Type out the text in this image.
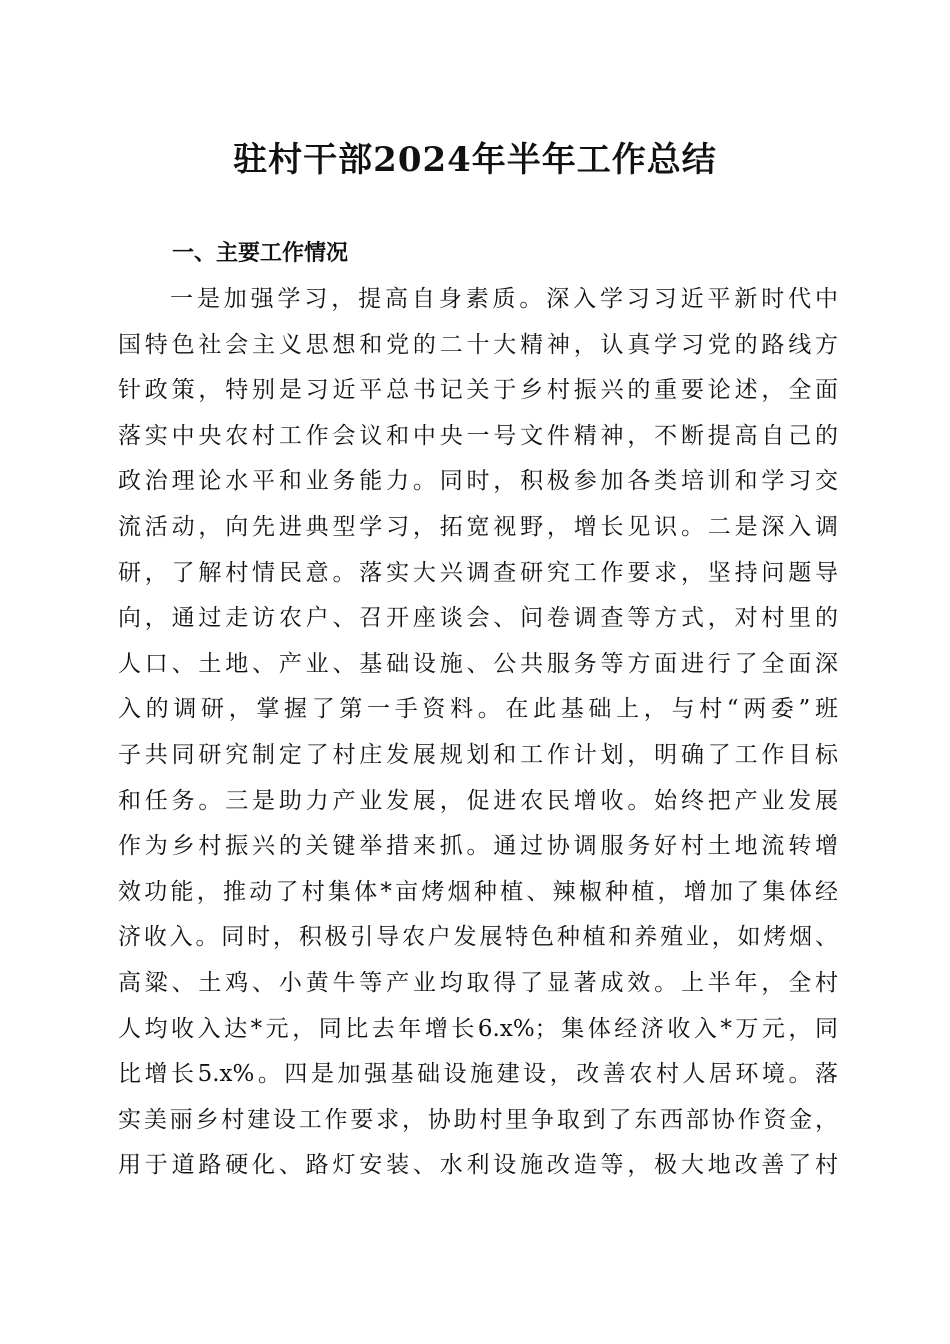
驻村干部2024年半年工作总结
一、主要工作情况
一是加强学习，提高自身素质。深入学习习近平新时代中
国特色社会主义思想和党的二十大精神，认真学习党的路线方
针政策，特别是习近平总书记关于乡村振兴的重要论述，全面
落实中央农村工作会议和中央一号文件精神，不断提高自己的
政治理论水平和业务能力。同时，积极参加各类培训和学习交
流活动，向先进典型学习，拓宽视野，增长见识。二是深入调
研，了解村情民意。落实大兴调查研究工作要求，坚持问题导
向，通过走访农户、召开座谈会、问卷调查等方式，对村里的
人口、土地、产业、基础设施、公共服务等方面进行了全面深
入的调研，掌握了第一手资料。在此基础上，与村“两委”班
子共同研究制定了村庄发展规划和工作计划，明确了工作目标
和任务。三是助力产业发展，促进农民增收。始终把产业发展
作为乡村振兴的关键举措来抓。通过协调服务好村土地流转增
效功能，推动了村集体*亩烤烟种植、辣椒种植，增加了集体经
济收入。同时，积极引导农户发展特色种植和养殖业，如烤烟、
高粱、土鸡、小黄牛等产业均取得了显著成效。上半年，全村
人均收入达*元，同比去年增长6.x%；集体经济收入*万元，同
比增长5.x%。四是加强基础设施建设，改善农村人居环境。落
实美丽乡村建设工作要求，协助村里争取到了东西部协作资金，
用于道路硬化、路灯安装、水利设施改造等，极大地改善了村
